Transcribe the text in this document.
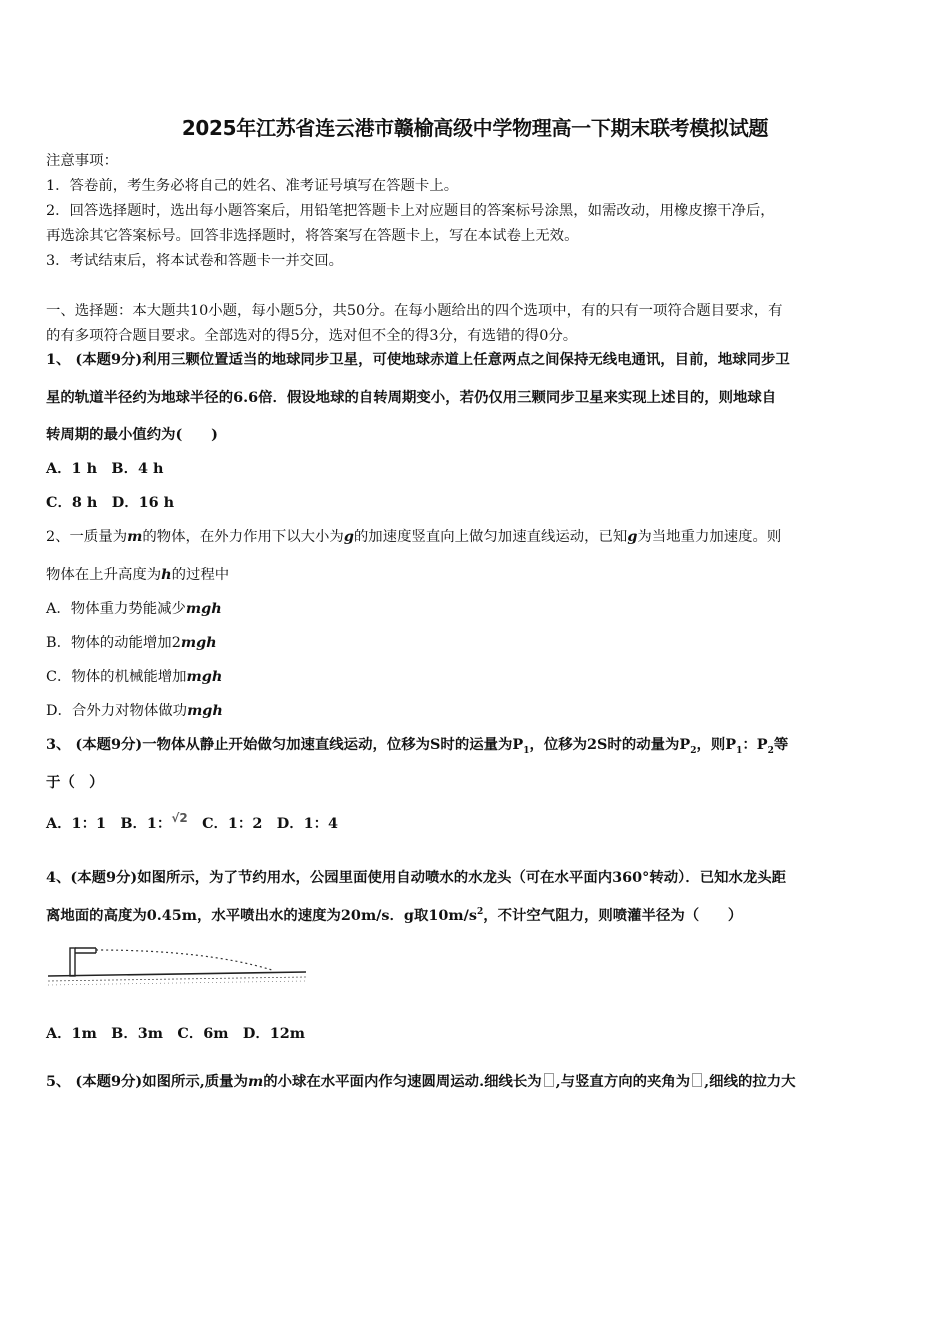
2025年江苏省连云港市赣榆高级中学物理高一下期末联考模拟试题
注意事项：
1．答卷前，考生务必将自己的姓名、准考证号填写在答题卡上。
2．回答选择题时，选出每小题答案后，用铅笔把答题卡上对应题目的答案标号涂黑，如需改动，用橡皮擦干净后，
再选涂其它答案标号。回答非选择题时，将答案写在答题卡上，写在本试卷上无效。
3．考试结束后，将本试卷和答题卡一并交回。
一、选择题：本大题共10小题，每小题5分，共50分。在每小题给出的四个选项中，有的只有一项符合题目要求，有
的有多项符合题目要求。全部选对的得5分，选对但不全的得3分，有选错的得0分。
1、 (本题9分)利用三颗位置适当的地球同步卫星，可使地球赤道上任意两点之间保持无线电通讯，目前，地球同步卫
星的轨道半径约为地球半径的6.6倍．假设地球的自转周期变小，若仍仅用三颗同步卫星来实现上述目的，则地球自
转周期的最小值约为(　　)
A．1 h　B．4 h
C．8 h　D．16 h
2、一质量为m的物体，在外力作用下以大小为g的加速度竖直向上做匀加速直线运动，已知g为当地重力加速度。则
物体在上升高度为h的过程中
A．物体重力势能减少mgh
B．物体的动能增加2mgh
C．物体的机械能增加mgh
D．合外力对物体做功mgh
3、 (本题9分)一物体从静止开始做匀加速直线运动，位移为S时的运量为$P_1$，位移为2S时的动量为$P_2$，则$P_1$：$P_2$等
于（　）
A．1：1　B．1：$^{√2}$　C．1：2　D．1：4
4、(本题9分)如图所示，为了节约用水，公园里面使用自动喷水的水龙头（可在水平面内360°转动）．已知水龙头距
离地面的高度为0.45m，水平喷出水的速度为20m/s．g取$10m/s^2$，不计空气阻力，则喷灌半径为（　　）
A．1m　B．3m　C．6m　D．12m
5、 (本题9分)如图所示,质量为m的小球在水平面内作匀速圆周运动.细线长为 ,与竖直方向的夹角为 ,细线的拉力大
